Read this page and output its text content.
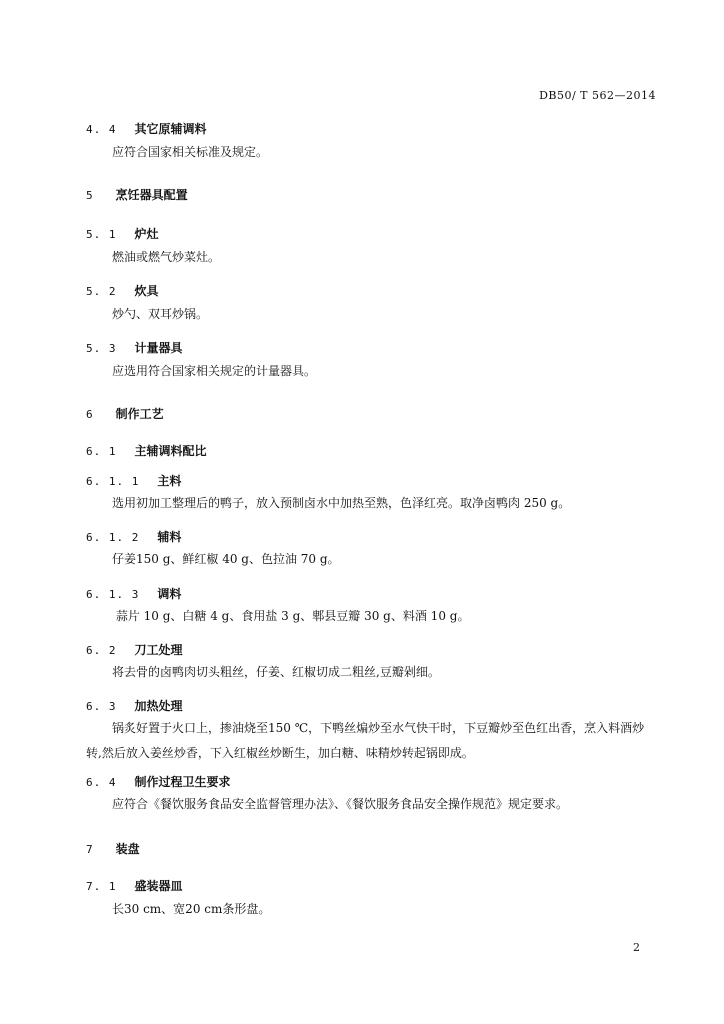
DB50/ T 562—2014
4. 4 其它原辅调料
应符合国家相关标准及规定。
5 烹饪器具配置
5. 1 炉灶
燃油或燃气炒菜灶。
5. 2 炊具
炒勺、双耳炒锅。
5. 3 计量器具
应选用符合国家相关规定的计量器具。
6 制作工艺
6. 1 主辅调料配比
6. 1. 1 主料
选用初加工整理后的鸭子，放入预制卤水中加热至熟，色泽红亮。取净卤鸭肉 250 g。
6. 1. 2 辅料
仔姜150 g、鲜红椒 40 g、色拉油 70 g。
6. 1. 3 调料
蒜片 10 g、白糖 4 g、食用盐 3 g、郫县豆瓣 30 g、料酒 10 g。
6. 2 刀工处理
将去骨的卤鸭肉切头粗丝，仔姜、红椒切成二粗丝,豆瓣剁细。
6. 3 加热处理
锅炙好置于火口上，掺油烧至150 ℃，下鸭丝煸炒至水气快干时，下豆瓣炒至色红出香，烹入料酒炒转,然后放入姜丝炒香，下入红椒丝炒断生，加白糖、味精炒转起锅即成。
6. 4 制作过程卫生要求
应符合《餐饮服务食品安全监督管理办法》、《餐饮服务食品安全操作规范》规定要求。
7 装盘
7. 1 盛装器皿
长30 cm、宽20 cm条形盘。
2
